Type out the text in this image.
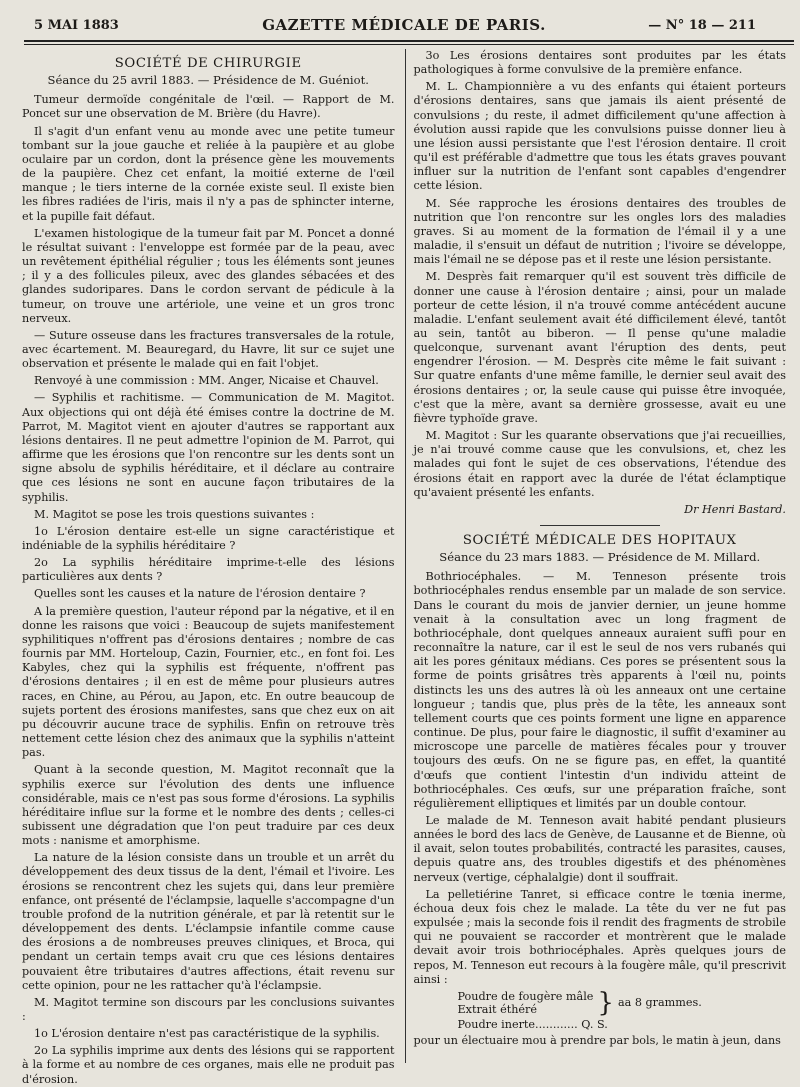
5 MAI 1883	GAZETTE MÉDICALE DE PARIS.	— N° 18 — 211
SOCIÉTÉ DE CHIRURGIE
Séance du 25 avril 1883. — Présidence de M. Guéniot.

Tumeur dermoïde congénitale de l'œil. — Rapport de M. Poncet sur une observation de M. Brière (du Havre).

Il s'agit d'un enfant venu au monde avec une petite tumeur tombant sur la joue gauche et reliée à la paupière et au globe oculaire par un cordon, dont la présence gène les mouvements de la paupière. Chez cet enfant, la moitié externe de l'œil manque ; le tiers interne de la cornée existe seul. Il existe bien les fibres radiées de l'iris, mais il n'y a pas de sphincter interne, et la pupille fait défaut.

L'examen histologique de la tumeur fait par M. Poncet a donné le résultat suivant : l'enveloppe est formée par de la peau, avec un revêtement épithélial régulier ; tous les éléments sont jeunes ; il y a des follicules pileux, avec des glandes sébacées et des glandes sudoripares. Dans le cordon servant de pédicule à la tumeur, on trouve une artériole, une veine et un gros tronc nerveux.

— Suture osseuse dans les fractures transversales de la rotule, avec écartement. M. Beauregard, du Havre, lit sur ce sujet une observation et présente le malade qui en fait l'objet.

Renvoyé à une commission : MM. Anger, Nicaise et Chauvel.

— Syphilis et rachitisme. — Communication de M. Magitot. Aux objections qui ont déjà été émises contre la doctrine de M. Parrot, M. Magitot vient en ajouter d'autres se rapportant aux lésions dentaires. Il ne peut admettre l'opinion de M. Parrot, qui affirme que les érosions que l'on rencontre sur les dents sont un signe absolu de syphilis héréditaire, et il déclare au contraire que ces lésions ne sont en aucune façon tributaires de la syphilis.

M. Magitot se pose les trois questions suivantes :

1o L'érosion dentaire est-elle un signe caractéristique et indéniable de la syphilis héréditaire ?

2o La syphilis héréditaire imprime-t-elle des lésions particulières aux dents ?

Quelles sont les causes et la nature de l'érosion dentaire ?

A la première question, l'auteur répond par la négative, et il en donne les raisons que voici : Beaucoup de sujets manifestement syphilitiques n'offrent pas d'érosions dentaires ; nombre de cas fournis par MM. Horteloup, Cazin, Fournier, etc., en font foi. Les Kabyles, chez qui la syphilis est fréquente, n'offrent pas d'érosions dentaires ; il en est de même pour plusieurs autres races, en Chine, au Pérou, au Japon, etc. En outre beaucoup de sujets portent des érosions manifestes, sans que chez eux on ait pu découvrir aucune trace de syphilis. Enfin on retrouve très nettement cette lésion chez des animaux que la syphilis n'atteint pas.

Quant à la seconde question, M. Magitot reconnaît que la syphilis exerce sur l'évolution des dents une influence considérable, mais ce n'est pas sous forme d'érosions. La syphilis héréditaire influe sur la forme et le nombre des dents ; celles-ci subissent une dégradation que l'on peut traduire par ces deux mots : nanisme et amorphisme.

La nature de la lésion consiste dans un trouble et un arrêt du développement des deux tissus de la dent, l'émail et l'ivoire. Les érosions se rencontrent chez les sujets qui, dans leur première enfance, ont présenté de l'éclampsie, laquelle s'accompagne d'un trouble profond de la nutrition générale, et par là retentit sur le développement des dents. L'éclampsie infantile comme cause des érosions a de nombreuses preuves cliniques, et Broca, qui pendant un certain temps avait cru que ces lésions dentaires pouvaient être tributaires d'autres affections, était revenu sur cette opinion, pour ne les rattacher qu'à l'éclampsie.

M. Magitot termine son discours par les conclusions suivantes :

1o L'érosion dentaire n'est pas caractéristique de la syphilis.

2o La syphilis imprime aux dents des lésions qui se rapportent à la forme et au nombre de ces organes, mais elle ne produit pas d'érosion.

3o Les érosions dentaires sont produites par les états pathologiques à forme convulsive de la première enfance.

M. L. Championnière a vu des enfants qui étaient porteurs d'érosions dentaires, sans que jamais ils aient présenté de convulsions ; du reste, il admet difficilement qu'une affection à évolution aussi rapide que les convulsions puisse donner lieu à une lésion aussi persistante que l'est l'érosion dentaire. Il croit qu'il est préférable d'admettre que tous les états graves pouvant influer sur la nutrition de l'enfant sont capables d'engendrer cette lésion.

M. Sée rapproche les érosions dentaires des troubles de nutrition que l'on rencontre sur les ongles lors des maladies graves. Si au moment de la formation de l'émail il y a une maladie, il s'ensuit un défaut de nutrition ; l'ivoire se développe, mais l'émail ne se dépose pas et il reste une lésion persistante.

M. Desprès fait remarquer qu'il est souvent très difficile de donner une cause à l'érosion dentaire ; ainsi, pour un malade porteur de cette lésion, il n'a trouvé comme antécédent aucune maladie. L'enfant seulement avait été difficilement élevé, tantôt au sein, tantôt au biberon. — Il pense qu'une maladie quelconque, survenant avant l'éruption des dents, peut engendrer l'érosion. — M. Desprès cite même le fait suivant : Sur quatre enfants d'une même famille, le dernier seul avait des érosions dentaires ; or, la seule cause qui puisse être invoquée, c'est que la mère, avant sa dernière grossesse, avait eu une fièvre typhoïde grave.

M. Magitot : Sur les quarante observations que j'ai recueillies, je n'ai trouvé comme cause que les convulsions, et, chez les malades qui font le sujet de ces observations, l'étendue des érosions était en rapport avec la durée de l'état éclamptique qu'avaient présenté les enfants.

Dr Henri Bastard.

SOCIÉTÉ MÉDICALE DES HOPITAUX
Séance du 23 mars 1883. — Présidence de M. Millard.

Bothriocéphales. — M. Tenneson présente trois bothriocéphales rendus ensemble par un malade de son service. Dans le courant du mois de janvier dernier, un jeune homme venait à la consultation avec un long fragment de bothriocéphale, dont quelques anneaux auraient suffi pour en reconnaître la nature, car il est le seul de nos vers rubanés qui ait les pores génitaux médians. Ces pores se présentent sous la forme de points grisâtres très apparents à l'œil nu, points distincts les uns des autres là où les anneaux ont une certaine longueur ; tandis que, plus près de la tête, les anneaux sont tellement courts que ces points forment une ligne en apparence continue. De plus, pour faire le diagnostic, il suffit d'examiner au microscope une parcelle de matières fécales pour y trouver toujours des œufs. On ne se figure pas, en effet, la quantité d'œufs que contient l'intestin d'un individu atteint de bothriocéphales. Ces œufs, sur une préparation fraîche, sont régulièrement elliptiques et limités par un double contour.

Le malade de M. Tenneson avait habité pendant plusieurs années le bord des lacs de Genève, de Lausanne et de Bienne, où il avait, selon toutes probabilités, contracté les parasites, causes, depuis quatre ans, des troubles digestifs et des phénomènes nerveux (vertige, céphalalgie) dont il souffrait.

La pelletiérine Tanret, si efficace contre le tœnia inerme, échoua deux fois chez le malade. La tête du ver ne fut pas expulsée ; mais la seconde fois il rendit des fragments de strobile qui ne pouvaient se raccorder et montrèrent que le malade devait avoir trois bothriocéphales. Après quelques jours de repos, M. Tenneson eut recours à la fougère mâle, qu'il prescrivit ainsi :

Poudre de fougère mâle
Extrait éthéré	} aa 8 grammes.
Poudre inerte............ Q. S.

pour un électuaire mou à prendre par bols, le matin à jeun, dans
